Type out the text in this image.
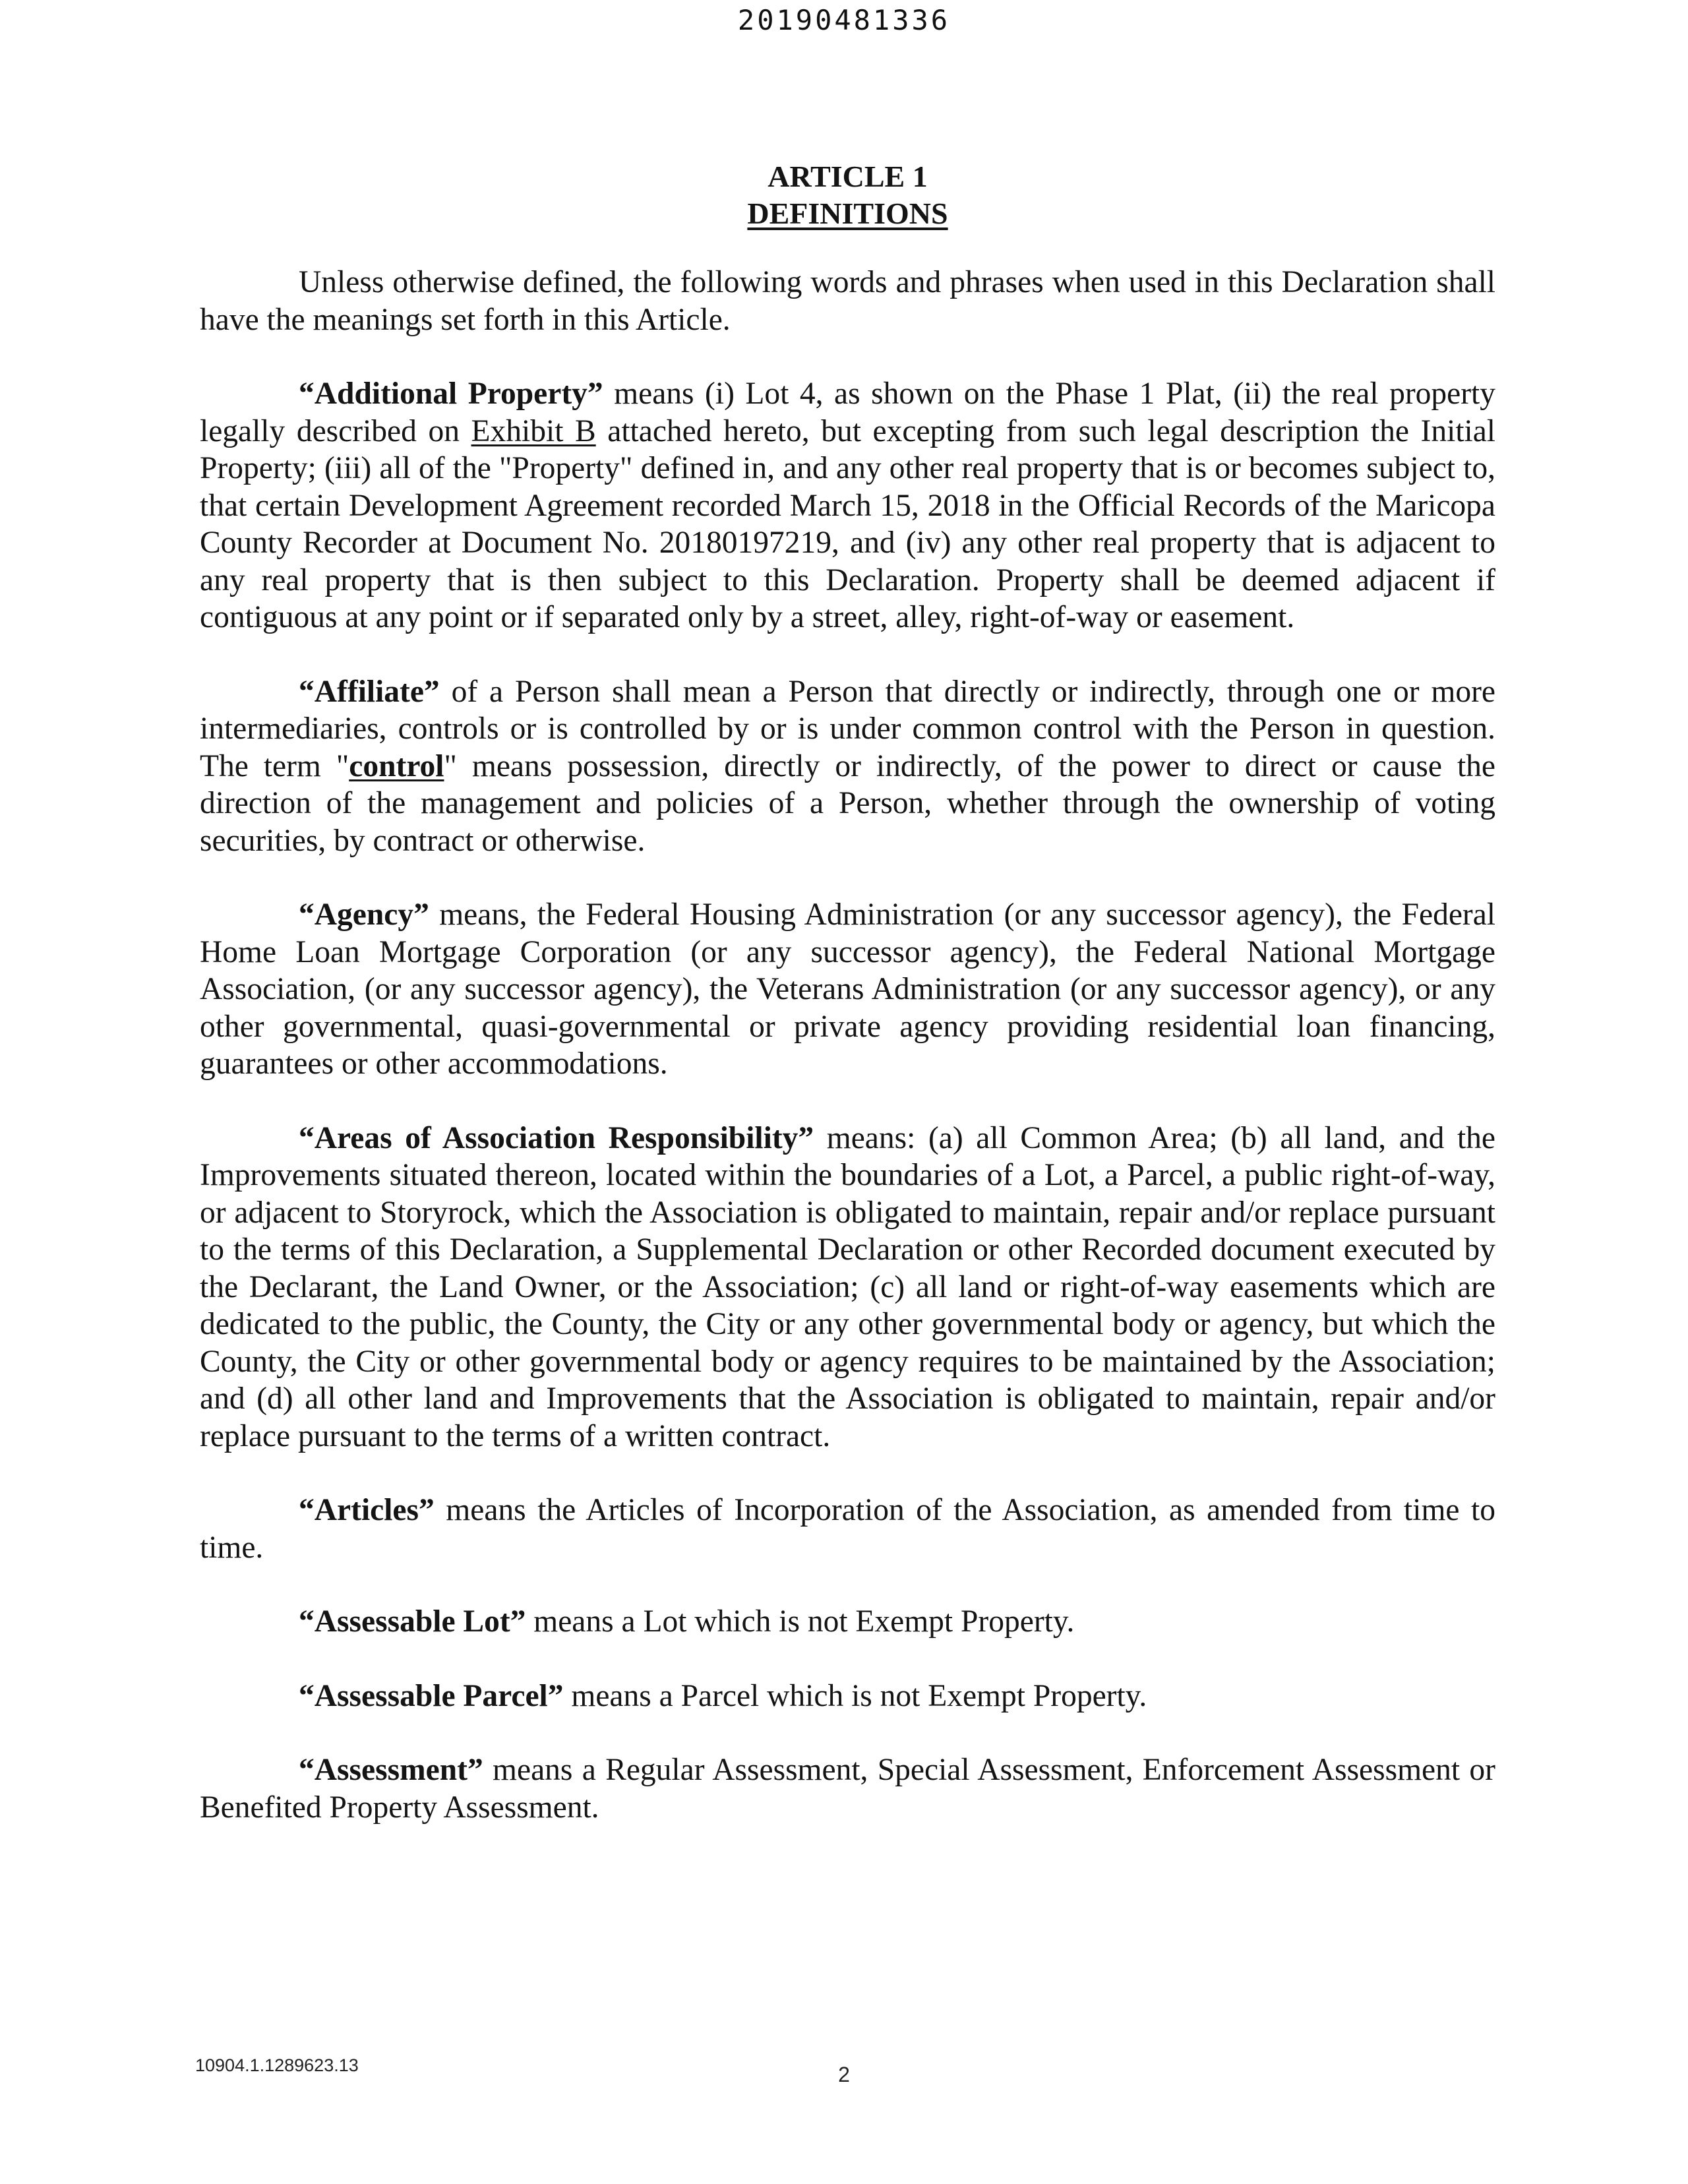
20190481336
ARTICLE 1
DEFINITIONS

Unless otherwise defined, the following words and phrases when used in this Declaration shall have the meanings set forth in this Article.

“Additional Property” means (i) Lot 4, as shown on the Phase 1 Plat, (ii) the real property legally described on Exhibit B attached hereto, but excepting from such legal description the Initial Property; (iii) all of the "Property" defined in, and any other real property that is or becomes subject to, that certain Development Agreement recorded March 15, 2018 in the Official Records of the Maricopa County Recorder at Document No. 20180197219, and (iv) any other real property that is adjacent to any real property that is then subject to this Declaration. Property shall be deemed adjacent if contiguous at any point or if separated only by a street, alley, right-of-way or easement.

“Affiliate” of a Person shall mean a Person that directly or indirectly, through one or more intermediaries, controls or is controlled by or is under common control with the Person in question. The term "control" means possession, directly or indirectly, of the power to direct or cause the direction of the management and policies of a Person, whether through the ownership of voting securities, by contract or otherwise.

“Agency” means, the Federal Housing Administration (or any successor agency), the Federal Home Loan Mortgage Corporation (or any successor agency), the Federal National Mortgage Association, (or any successor agency), the Veterans Administration (or any successor agency), or any other governmental, quasi-governmental or private agency providing residential loan financing, guarantees or other accommodations.

“Areas of Association Responsibility” means: (a) all Common Area; (b) all land, and the Improvements situated thereon, located within the boundaries of a Lot, a Parcel, a public right-of-way, or adjacent to Storyrock, which the Association is obligated to maintain, repair and/or replace pursuant to the terms of this Declaration, a Supplemental Declaration or other Recorded document executed by the Declarant, the Land Owner, or the Association; (c) all land or right-of-way easements which are dedicated to the public, the County, the City or any other governmental body or agency, but which the County, the City or other governmental body or agency requires to be maintained by the Association; and (d) all other land and Improvements that the Association is obligated to maintain, repair and/or replace pursuant to the terms of a written contract.

“Articles” means the Articles of Incorporation of the Association, as amended from time to time.

“Assessable Lot” means a Lot which is not Exempt Property.

“Assessable Parcel” means a Parcel which is not Exempt Property.

“Assessment” means a Regular Assessment, Special Assessment, Enforcement Assessment or Benefited Property Assessment.

10904.1.1289623.13	2
